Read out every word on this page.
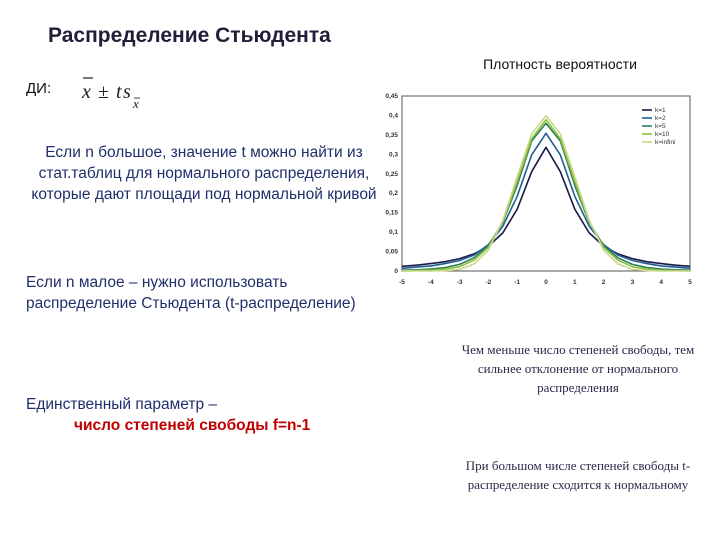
Распределение Стьюдента
ДИ: x ± t s
x
Если n большое, значение t можно найти из стат.таблиц для нормального распределения, которые дают площади под нормальной кривой
Если n малое – нужно использовать распределение Стьюдента (t-распределение)
Единственный параметр –
число степеней свободы f=n-1
Плотность вероятности
0
0,05
0,1
0,15
0,2
0,25
0,3
0,35
0,4
0,45
-5	-4	-3	-2	-1	0	1	2	3	4	5
k=1
k=2
k=5
k=10
k=infini
Чем меньше число степеней свободы, тем сильнее отклонение от нормального распределения
При большом числе степеней свободы t-распределение сходится к нормальному
